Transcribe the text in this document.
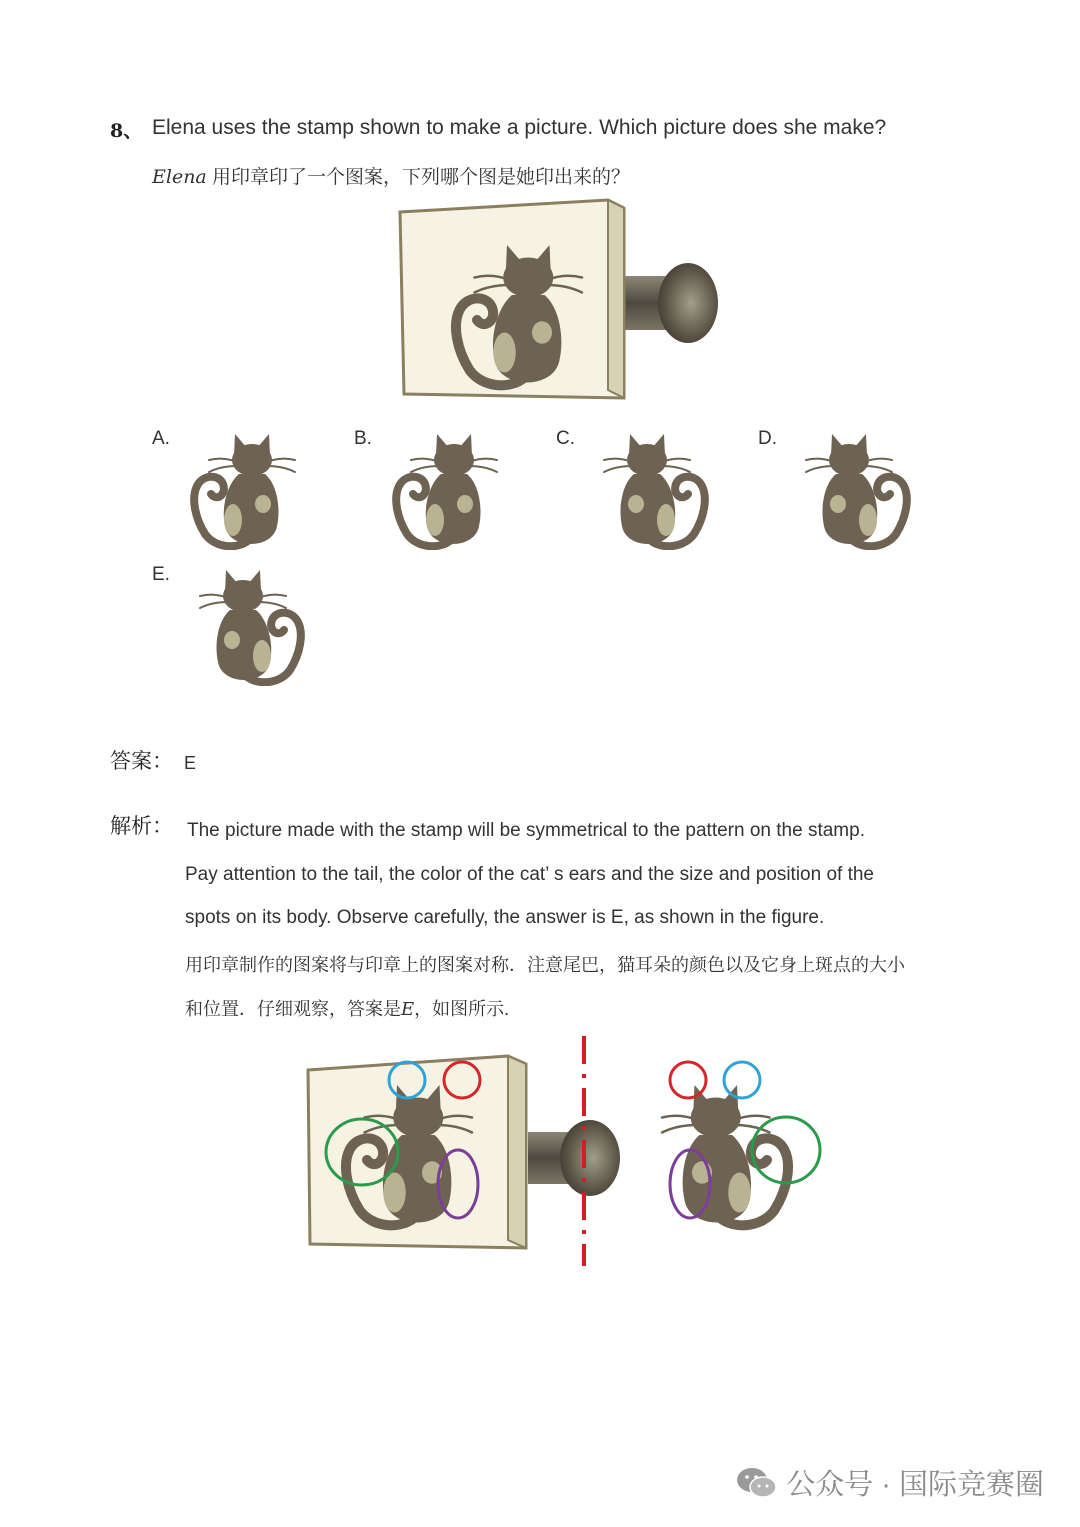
8、 Elena uses the stamp shown to make a picture. Which picture does she make?
Elena 用印章印了一个图案，下列哪个图是她印出来的？
A.	B.	C.	D.
E.
答案： E
解析： The picture made with the stamp will be symmetrical to the pattern on the stamp.
Pay attention to the tail, the color of the cat’ s ears and the size and position of the
spots on its body. Observe carefully, the answer is E, as shown in the figure.
用印章制作的图案将与印章上的图案对称．注意尾巴，猫耳朵的颜色以及它身上斑点的大小
和位置．仔细观察，答案是E，如图所示.
公众号 · 国际竞赛圈
